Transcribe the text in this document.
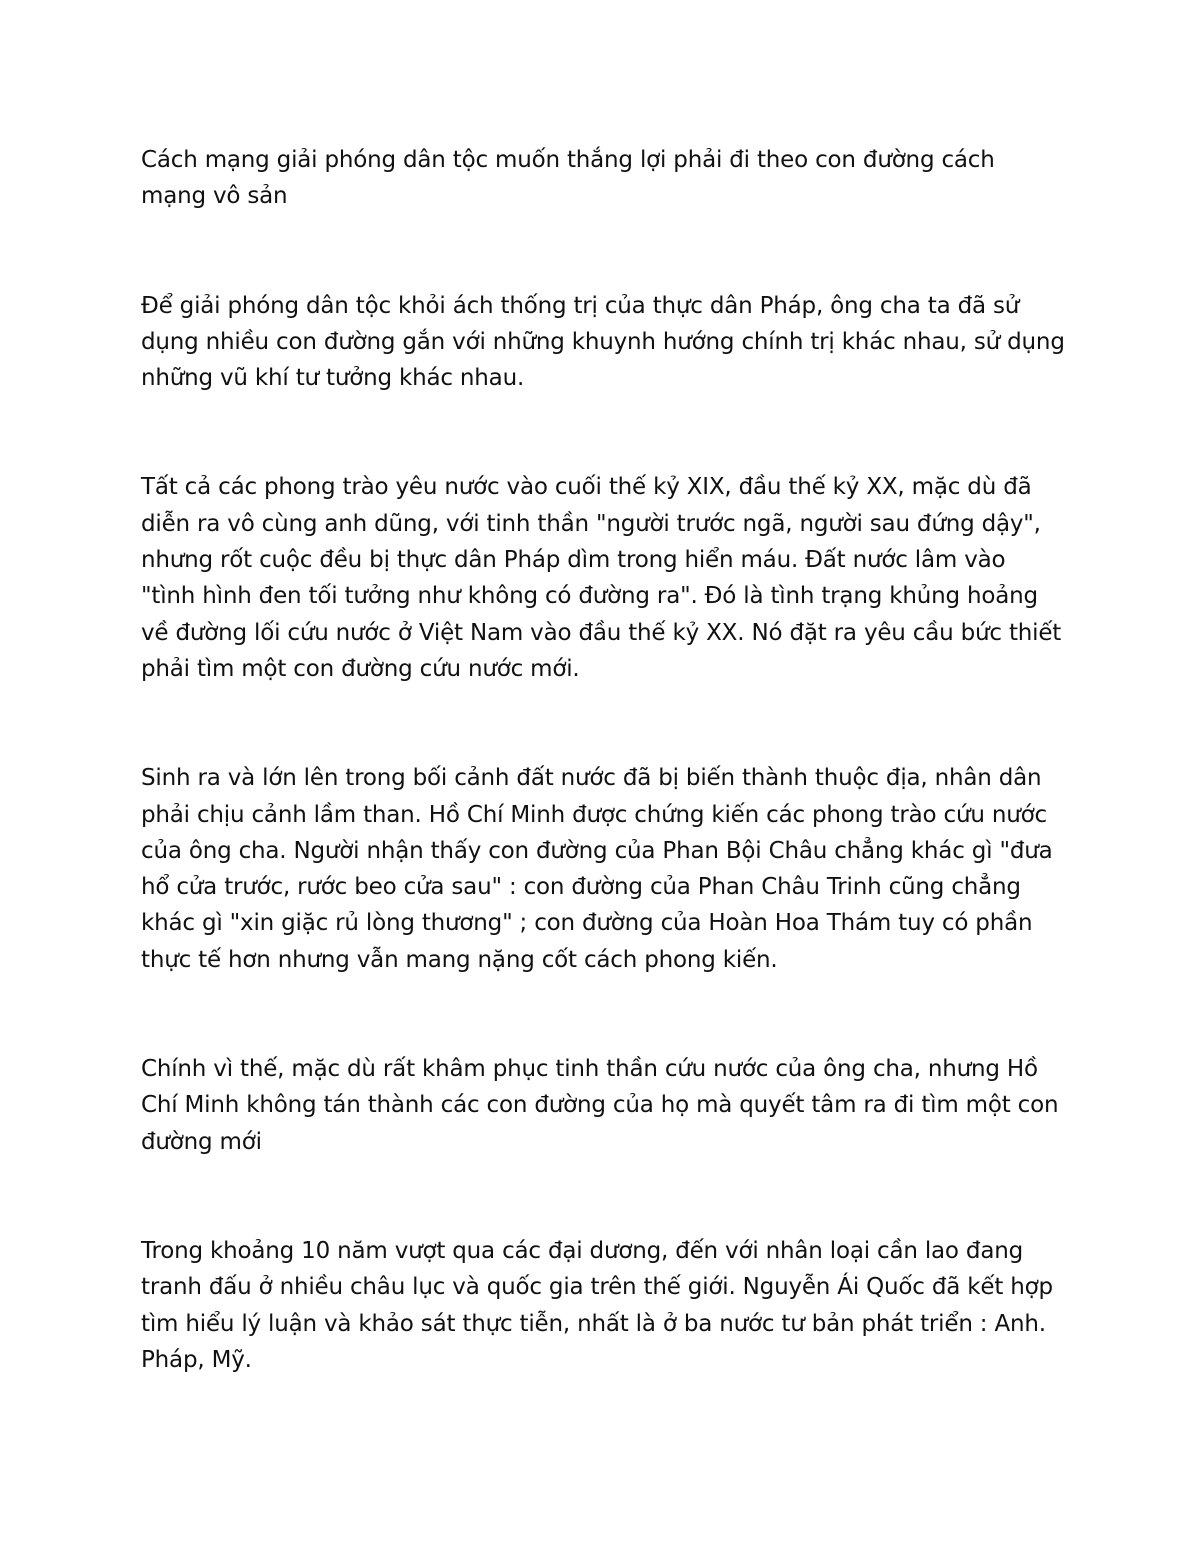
Cách mạng giải phóng dân tộc muốn thắng lợi phải đi theo con đường cách mạng vô sản

Để giải phóng dân tộc khỏi ách thống trị của thực dân Pháp, ông cha ta đã sử dụng nhiều con đường gắn với những khuynh hướng chính trị khác nhau, sử dụng những vũ khí tư tưởng khác nhau.

Tất cả các phong trào yêu nước vào cuối thế kỷ XIX, đầu thế kỷ XX, mặc dù đã diễn ra vô cùng anh dũng, với tinh thần "người trước ngã, người sau đứng dậy", nhưng rốt cuộc đều bị thực dân Pháp dìm trong hiển máu. Đất nước lâm vào "tình hình đen tối tưởng như không có đường ra". Đó là tình trạng khủng hoảng về đường lối cứu nước ở Việt Nam vào đầu thế kỷ XX. Nó đặt ra yêu cầu bức thiết phải tìm một con đường cứu nước mới.

Sinh ra và lớn lên trong bối cảnh đất nước đã bị biến thành thuộc địa, nhân dân phải chịu cảnh lầm than. Hồ Chí Minh được chứng kiến các phong trào cứu nước của ông cha. Người nhận thấy con đường của Phan Bội Châu chẳng khác gì "đưa hổ cửa trước, rước beo cửa sau" : con đường của Phan Châu Trinh cũng chẳng khác gì "xin giặc rủ lòng thương" ; con đường của Hoàn Hoa Thám tuy có phần thực tế hơn nhưng vẫn mang nặng cốt cách phong kiến.

Chính vì thế, mặc dù rất khâm phục tinh thần cứu nước của ông cha, nhưng Hồ Chí Minh không tán thành các con đường của họ mà quyết tâm ra đi tìm một con đường mới

Trong khoảng 10 năm vượt qua các đại dương, đến với nhân loại cần lao đang tranh đấu ở nhiều châu lục và quốc gia trên thế giới. Nguyễn Ái Quốc đã kết hợp tìm hiểu lý luận và khảo sát thực tiễn, nhất là ở ba nước tư bản phát triển : Anh. Pháp, Mỹ.
